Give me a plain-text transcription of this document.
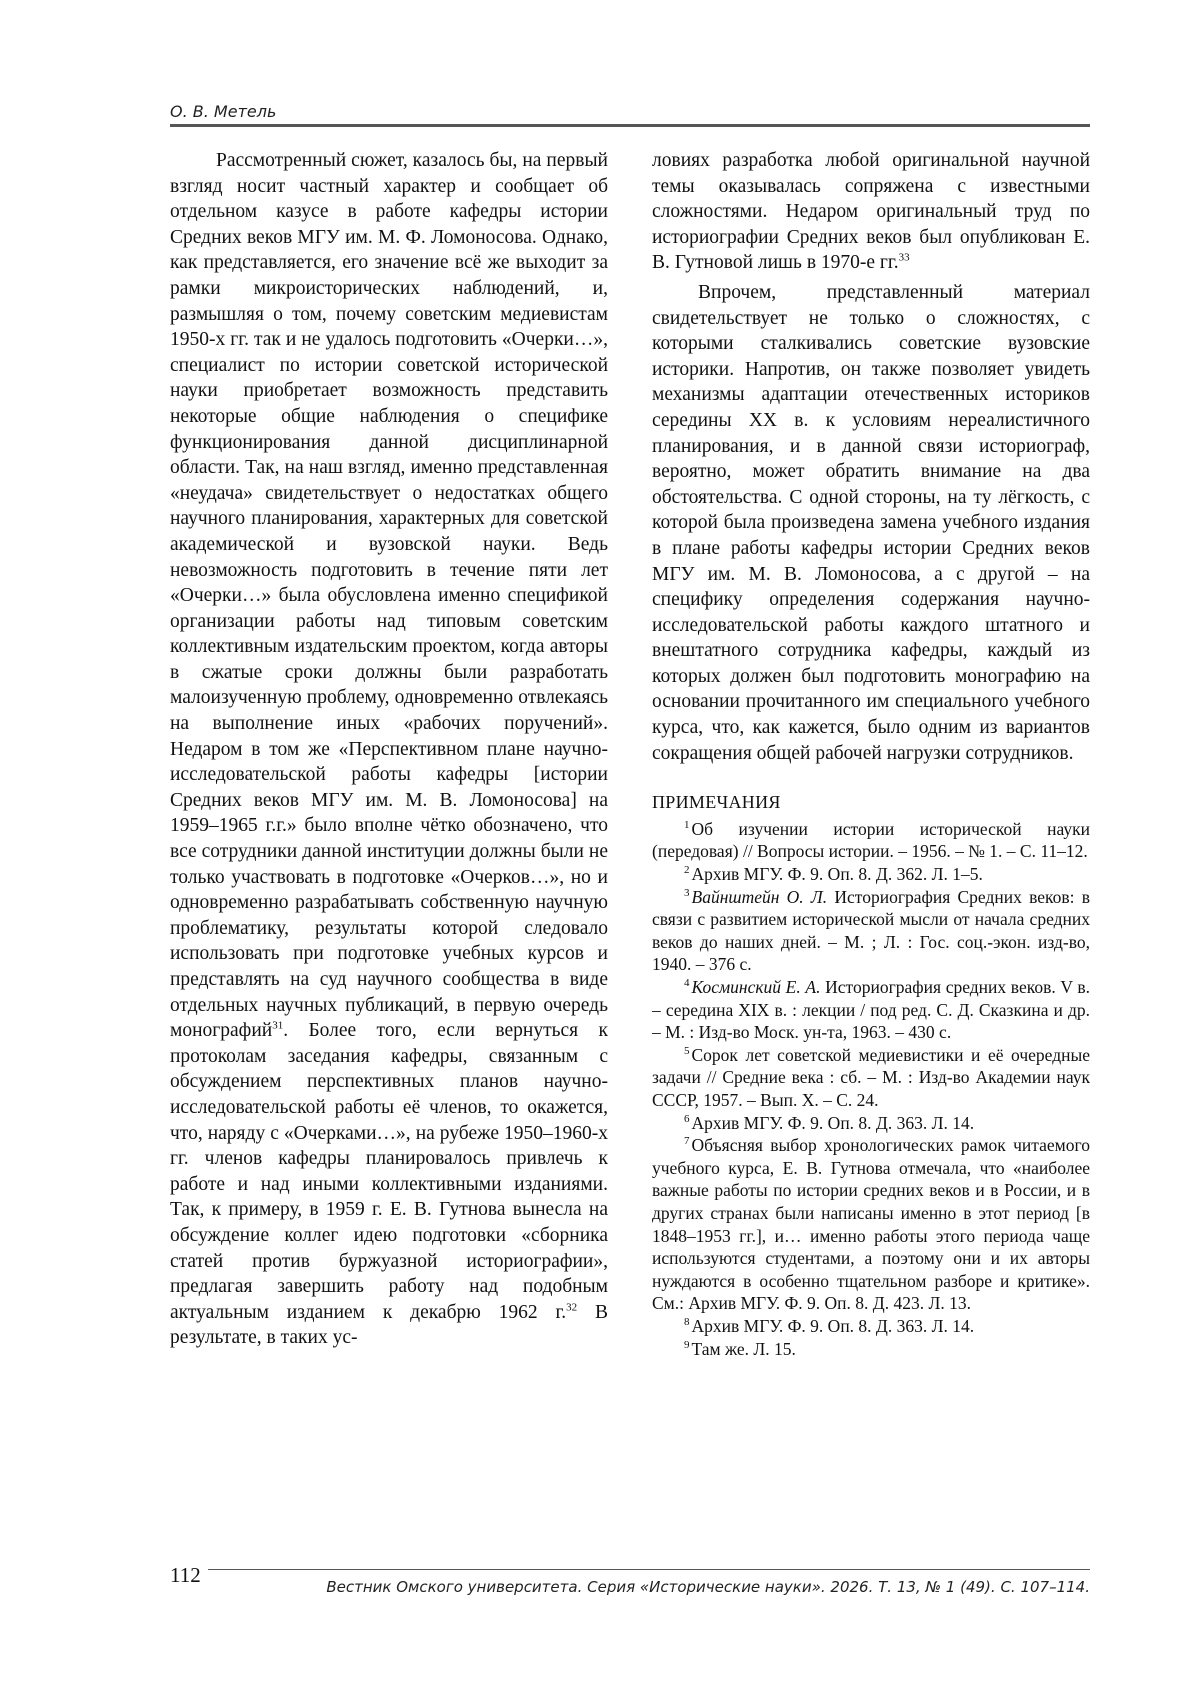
О. В. Метель

Рассмотренный сюжет, казалось бы, на первый взгляд носит частный характер и сообщает об отдельном казусе в работе кафедры истории Средних веков МГУ им. М. Ф. Ломоносова. Однако, как представляется, его значение всё же выходит за рамки микроисторических наблюдений, и, размышляя о том, почему советским медиевистам 1950-х гг. так и не удалось подготовить «Очерки…», специалист по истории советской исторической науки приобретает возможность представить некоторые общие наблюдения о специфике функционирования данной дисциплинарной области. Так, на наш взгляд, именно представленная «неудача» свидетельствует о недостатках общего научного планирования, характерных для советской академической и вузовской науки. Ведь невозможность подготовить в течение пяти лет «Очерки…» была обусловлена именно спецификой организации работы над типовым советским коллективным издательским проектом, когда авторы в сжатые сроки должны были разработать малоизученную проблему, одновременно отвлекаясь на выполнение иных «рабочих поручений». Недаром в том же «Перспективном плане научно-исследовательской работы кафедры [истории Средних веков МГУ им. М. В. Ломоносова] на 1959–1965 г.г.» было вполне чётко обозначено, что все сотрудники данной институции должны были не только участвовать в подготовке «Очерков…», но и одновременно разрабатывать собственную научную проблематику, результаты которой следовало использовать при подготовке учебных курсов и представлять на суд научного сообщества в виде отдельных научных публикаций, в первую очередь монографий$^{31}$. Более того, если вернуться к протоколам заседания кафедры, связанным с обсуждением перспективных планов научно-исследовательской работы её членов, то окажется, что, наряду с «Очерками…», на рубеже 1950–1960-х гг. членов кафедры планировалось привлечь к работе и над иными коллективными изданиями. Так, к примеру, в 1959 г. Е. В. Гутнова вынесла на обсуждение коллег идею подготовки «сборника статей против буржуазной историографии», предлагая завершить работу над подобным актуальным изданием к декабрю 1962 г.$^{32}$ В результате, в таких ус-

ловиях разработка любой оригинальной научной темы оказывалась сопряжена с известными сложностями. Недаром оригинальный труд по историографии Средних веков был опубликован Е. В. Гутновой лишь в 1970-е гг.$^{33}$

Впрочем, представленный материал свидетельствует не только о сложностях, с которыми сталкивались советские вузовские историки. Напротив, он также позволяет увидеть механизмы адаптации отечественных историков середины XX в. к условиям нереалистичного планирования, и в данной связи историограф, вероятно, может обратить внимание на два обстоятельства. С одной стороны, на ту лёгкость, с которой была произведена замена учебного издания в плане работы кафедры истории Средних веков МГУ им. М. В. Ломоносова, а с другой – на специфику определения содержания научно-исследовательской работы каждого штатного и внештатного сотрудника кафедры, каждый из которых должен был подготовить монографию на основании прочитанного им специального учебного курса, что, как кажется, было одним из вариантов сокращения общей рабочей нагрузки сотрудников.

ПРИМЕЧАНИЯ
$^1$ Об изучении истории исторической науки (передовая) // Вопросы истории. – 1956. – № 1. – С. 11–12.
$^2$ Архив МГУ. Ф. 9. Оп. 8. Д. 362. Л. 1–5.
$^3$ Вайнштейн О. Л. Историография Средних веков: в связи с развитием исторической мысли от начала средних веков до наших дней. – М. ; Л. : Гос. соц.-экон. изд-во, 1940. – 376 с.
$^4$ Косминский Е. А. Историография средних веков. V в. – середина XIX в. : лекции / под ред. С. Д. Сказкина и др. – М. : Изд-во Моск. ун-та, 1963. – 430 с.
$^5$ Сорок лет советской медиевистики и её очередные задачи // Средние века : сб. – М. : Изд-во Академии наук СССР, 1957. – Вып. X. – С. 24.
$^6$ Архив МГУ. Ф. 9. Оп. 8. Д. 363. Л. 14.
$^7$ Объясняя выбор хронологических рамок читаемого учебного курса, Е. В. Гутнова отмечала, что «наиболее важные работы по истории средних веков и в России, и в других странах были написаны именно в этот период [в 1848–1953 гг.], и… именно работы этого периода чаще используются студентами, а поэтому они и их авторы нуждаются в особенно тщательном разборе и критике». См.: Архив МГУ. Ф. 9. Оп. 8. Д. 423. Л. 13.
$^8$ Архив МГУ. Ф. 9. Оп. 8. Д. 363. Л. 14.
$^9$ Там же. Л. 15.
112	Вестник Омского университета. Серия «Исторические науки». 2026. Т. 13, № 1 (49). С. 107–114.
